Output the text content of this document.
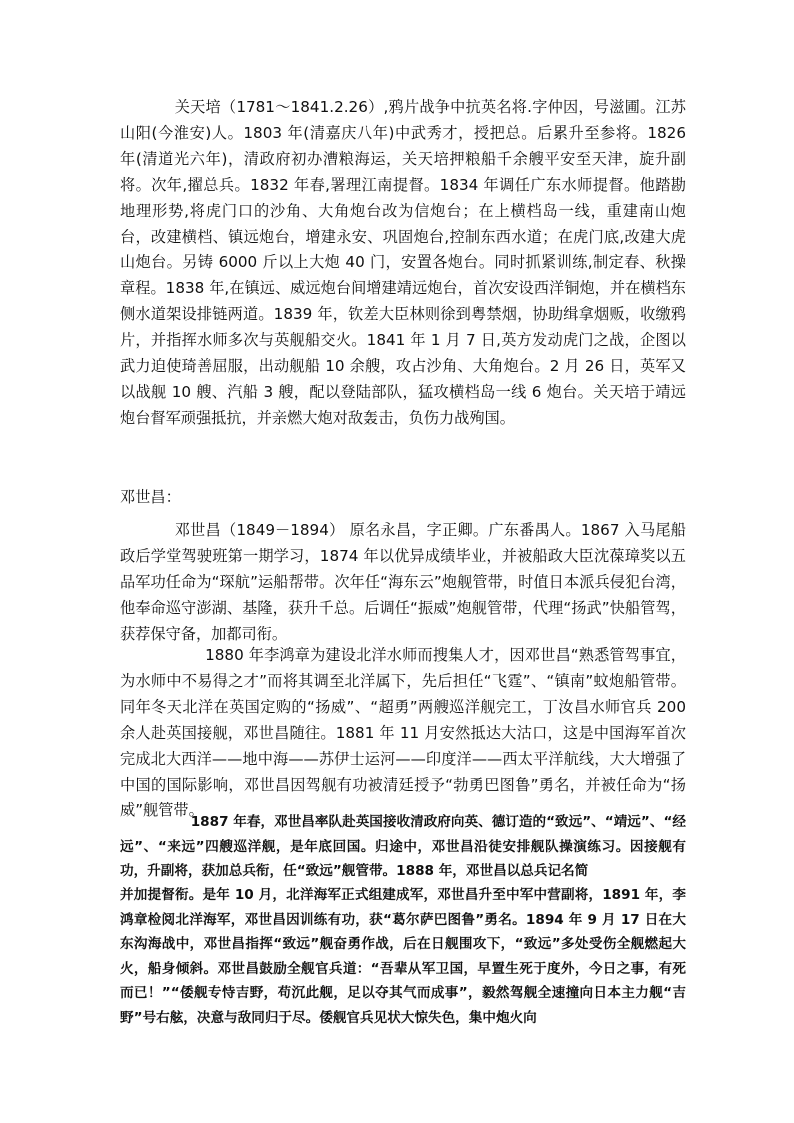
关天培（1781～1841.2.26）,鸦片战争中抗英名将.字仲因，号滋圃。江苏山阳(今淮安)人。1803 年(清嘉庆八年)中武秀才，授把总。后累升至参将。1826 年(清道光六年)，清政府初办漕粮海运，关天培押粮船千余艘平安至天津，旋升副将。次年,擢总兵。1832 年春,署理江南提督。1834 年调任广东水师提督。他踏勘地理形势,将虎门口的沙角、大角炮台改为信炮台；在上横档岛一线，重建南山炮台，改建横档、镇远炮台，增建永安、巩固炮台,控制东西水道；在虎门底,改建大虎山炮台。另铸 6000 斤以上大炮 40 门，安置各炮台。同时抓紧训练,制定春、秋操章程。1838 年,在镇远、威远炮台间增建靖远炮台，首次安设西洋铜炮，并在横档东侧水道架设排链两道。1839 年，钦差大臣林则徐到粤禁烟，协助缉拿烟贩，收缴鸦片，并指挥水师多次与英舰船交火。1841 年 1 月 7 日,英方发动虎门之战，企图以武力迫使琦善屈服，出动舰船 10 余艘，攻占沙角、大角炮台。2 月 26 日，英军又以战舰 10 艘、汽船 3 艘，配以登陆部队，猛攻横档岛一线 6 炮台。关天培于靖远炮台督军顽强抵抗，并亲燃大炮对敌轰击，负伤力战殉国。

邓世昌：

邓世昌（1849－1894） 原名永昌，字正卿。广东番禺人。1867 入马尾船政后学堂驾驶班第一期学习，1874 年以优异成绩毕业，并被船政大臣沈葆璋奖以五品军功任命为“琛航”运船帮带。次年任“海东云”炮舰管带，时值日本派兵侵犯台湾，他奉命巡守澎湖、基隆，获升千总。后调任“振威”炮舰管带，代理“扬武”快船管驾，获荐保守备，加都司衔。

1880 年李鸿章为建设北洋水师而搜集人才，因邓世昌“熟悉管驾事宜，为水师中不易得之才”而将其调至北洋属下，先后担任“飞霆”、“镇南”蚊炮船管带。同年冬天北洋在英国定购的“扬威”、“超勇”两艘巡洋舰完工，丁汝昌水师官兵 200 余人赴英国接舰，邓世昌随往。1881 年 11 月安然抵达大沽口，这是中国海军首次完成北大西洋——地中海——苏伊士运河——印度洋——西太平洋航线，大大增强了中国的国际影响，邓世昌因驾舰有功被清廷授予“勃勇巴图鲁”勇名，并被任命为“扬威”舰管带。

1887 年春，邓世昌率队赴英国接收清政府向英、德订造的“致远”、“靖远”、“经远”、“来远”四艘巡洋舰，是年底回国。归途中，邓世昌沿徒安排舰队操演练习。因接舰有功，升副将，获加总兵衔，任“致远”舰管带。1888 年，邓世昌以总兵记名简

并加提督衔。是年 10 月，北洋海军正式组建成军，邓世昌升至中军中营副将，1891 年，李鸿章检阅北洋海军，邓世昌因训练有功，获“葛尔萨巴图鲁”勇名。1894 年 9 月 17 日在大东沟海战中，邓世昌指挥“致远”舰奋勇作战，后在日舰围攻下，“致远”多处受伤全舰燃起大火，船身倾斜。邓世昌鼓励全舰官兵道：“吾辈从军卫国，早置生死于度外，今日之事，有死而已！”“倭舰专恃吉野，苟沉此舰，足以夺其气而成事”，毅然驾舰全速撞向日本主力舰“吉野”号右舷，决意与敌同归于尽。倭舰官兵见状大惊失色，集中炮火向
